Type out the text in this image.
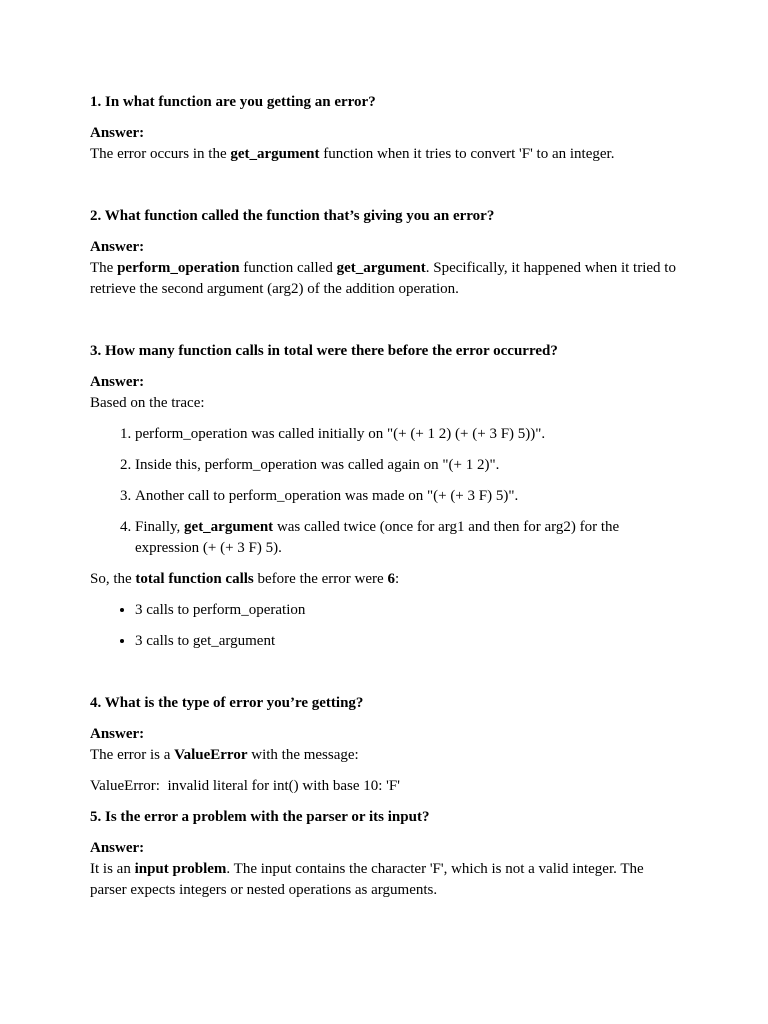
1. In what function are you getting an error?

Answer:

The error occurs in the get_argument function when it tries to convert 'F' to an integer.

2. What function called the function that’s giving you an error?

Answer:

The perform_operation function called get_argument. Specifically, it happened when it tried to retrieve the second argument (arg2) of the addition operation.

3. How many function calls in total were there before the error occurred?

Answer:

Based on the trace:

1. perform_operation was called initially on "(+ (+ 1 2) (+ (+ 3 F) 5))".
2. Inside this, perform_operation was called again on "(+ 1 2)".
3. Another call to perform_operation was made on "(+ (+ 3 F) 5)".
4. Finally, get_argument was called twice (once for arg1 and then for arg2) for the expression (+ (+ 3 F) 5).

So, the total function calls before the error were 6:

• 3 calls to perform_operation
• 3 calls to get_argument

4. What is the type of error you’re getting?

Answer:

The error is a ValueError with the message:

ValueError:  invalid literal for int() with base 10: 'F'

5. Is the error a problem with the parser or its input?

Answer:

It is an input problem. The input contains the character 'F', which is not a valid integer. The parser expects integers or nested operations as arguments.
